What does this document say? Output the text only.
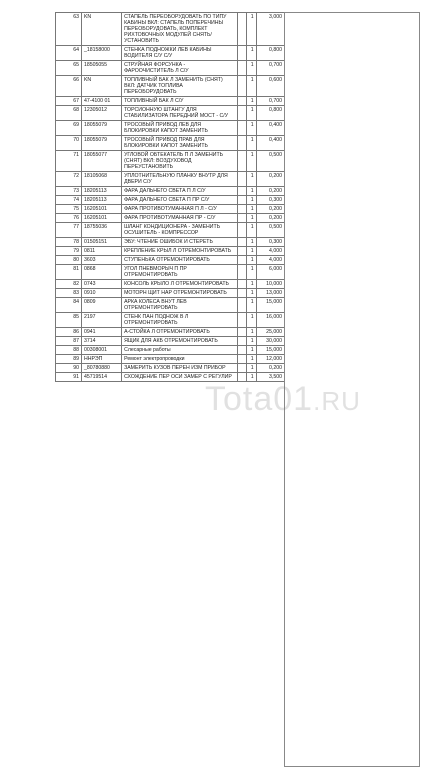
63	KN	СТАПЕЛЬ ПЕРЕОБОРУДОВАТЬ ПО ТИПУ КАБИНЫ ВКЛ: СТАПЕЛЬ ПОПЕРЕЧИНЫ ПЕРЕОБОРУДОВАТЬ, КОМПЛЕКТ РИХТОВОЧНЫХ МОДУЛЕЙ СНЯТЬ/УСТАНОВИТЬ		1	3,000
64	_18158000	СТЕНКА ПОДНОЖКИ ЛЕВ КАБИНЫ ВОДИТЕЛЯ С/У С/У		1	0,800
65	18505055	СТРУЙНАЯ ФОРСУНКА - ФАРООЧИСТИТЕЛЬ Л С/У		1	0,700
66	KN	ТОПЛИВНЫЙ БАК Л ЗАМЕНИТЬ (СНЯТ) ВКЛ: ДАТЧИК ТОПЛИВА ПЕРЕОБОРУДОВАТЬ		1	0,600
67	47-4100 01	ТОПЛИВНЫЙ БАК Л С/У		1	0,700
68	12305012	ТОРСИОННУЮ ШТАНГУ ДЛЯ СТАБИЛИЗАТОРА ПЕРЕДНИЙ МОСТ - С/У		1	0,800
69	18055079	ТРОСОВЫЙ ПРИВОД ЛЕВ ДЛЯ БЛОКИРОВКИ КАПОТ ЗАМЕНИТЬ		1	0,400
70	18055079	ТРОСОВЫЙ ПРИВОД ПРАВ ДЛЯ БЛОКИРОВКИ КАПОТ ЗАМЕНИТЬ		1	0,400
71	18055077	УГЛОВОЙ ОБТЕКАТЕЛЬ П Л ЗАМЕНИТЬ (СНЯТ) ВКЛ: ВОЗДУХОВОД ПЕРЕУСТАНОВИТЬ		1	0,500
72	18105068	УПЛОТНИТЕЛЬНУЮ ПЛАНКУ ВНУТР ДЛЯ ДВЕРИ С/У		1	0,200
73	18205113	ФАРА ДАЛЬНЕГО СВЕТА П Л С/У		1	0,200
74	18205113	ФАРА ДАЛЬНЕГО СВЕТА П ПР С/У		1	0,300
75	16205101	ФАРА ПРОТИВОТУМАННАЯ П Л - С/У		1	0,200
76	16205101	ФАРА ПРОТИВОТУМАННАЯ ПР - С/У		1	0,200
77	18755036	ШЛАНГ КОНДИЦИОНЕРА - ЗАМЕНИТЬ ОСУШИТЕЛЬ - КОМПРЕССОР		1	0,500
78	01505151	ЭБУ: ЧТЕНИЕ ОШИБОК И СТЕРЕТЬ		1	0,300
79	0811	КРЕПЛЕНИЕ КРЫЛ Л ОТРЕМОНТИРОВАТЬ		1	4,000
80	3603	СТУПЕНЬКА ОТРЕМОНТИРОВАТЬ		1	4,000
81	0868	УГОЛ ПНЕВМОРЫЧ П ПР ОТРЕМОНТИРОВАТЬ		1	6,000
82	0743	КОНСОЛЬ КРЫЛО Л ОТРЕМОНТИРОВАТЬ		1	10,000
83	0910	МОТОРН ЩИТ НАР ОТРЕМОНТИРОВАТЬ		1	13,000
84	0809	АРКА КОЛЕСА ВНУТ ЛЕВ ОТРЕМОНТИРОВАТЬ		1	15,000
85	2197	СТЕНК ПАН ПОДНОЖ В Л ОТРЕМОНТИРОВАТЬ		1	16,000
86	0941	А-СТОЙКА Л ОТРЕМОНТИРОВАТЬ		1	25,000
87	3714	ЯЩИК ДЛЯ АКБ ОТРЕМОНТИРОВАТЬ		1	30,000
88	00308001	Слесарные работы		1	15,000
89	ННРЭП	Ремонт электропроводки		1	12,000
90	_80780880	ЗАМЕРИТЬ КУЗОВ ПЕРЕН ИЗМ ПРИБОР		1	0,200
91	45719514	СХОЖДЕНИЕ ПЕР ОСИ ЗАМЕР С РЕГУЛИР		1	3,500
Tota01.RU
